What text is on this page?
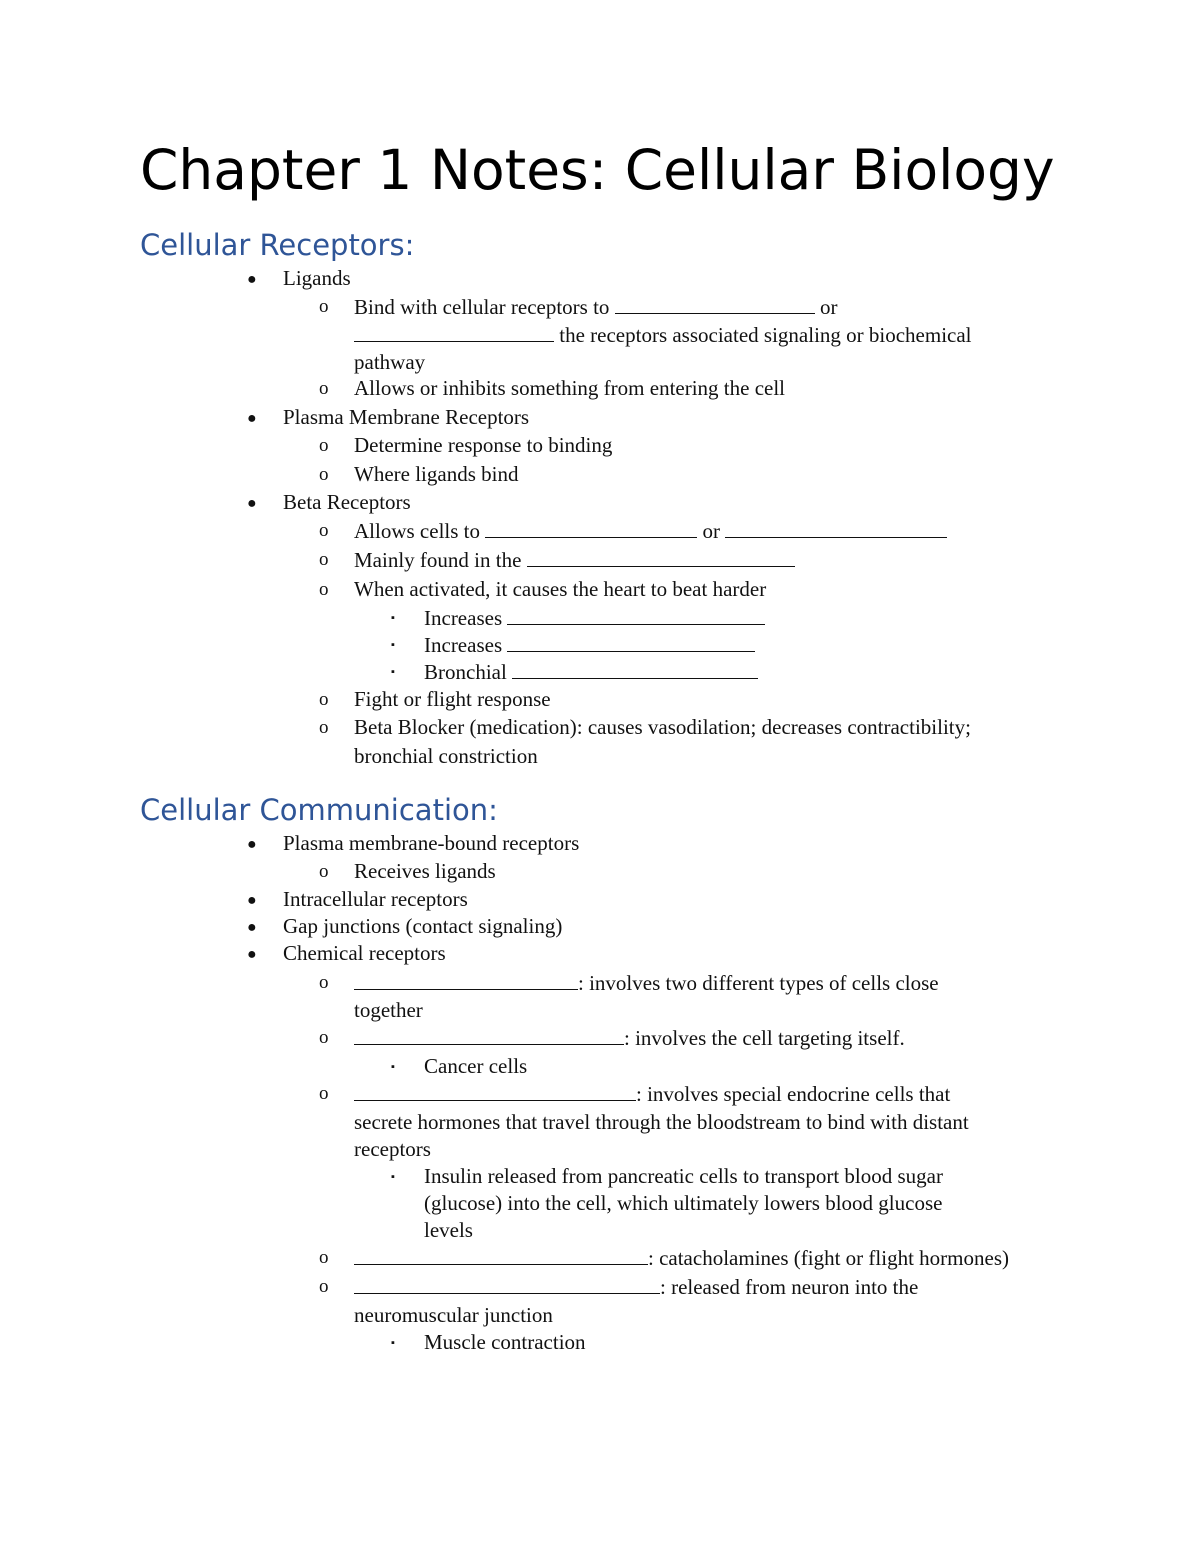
Chapter 1 Notes: Cellular Biology
Cellular Receptors:
● Ligands
o Bind with cellular receptors to	or
the receptors associated signaling or biochemical
pathway
o Allows or inhibits something from entering the cell
● Plasma Membrane Receptors
o Determine response to binding
o Where ligands bind
● Beta Receptors
o Allows cells to	or
o Mainly found in the
o When activated, it causes the heart to beat harder
▪ Increases
▪ Increases
▪ Bronchial
o Fight or flight response
o Beta Blocker (medication): causes vasodilation; decreases contractibility;
bronchial constriction
Cellular Communication:
● Plasma membrane-bound receptors
o Receives ligands
● Intracellular receptors
● Gap junctions (contact signaling)
● Chemical receptors
o	: involves two different types of cells close
together
o	: involves the cell targeting itself.
▪ Cancer cells
o	: involves special endocrine cells that
secrete hormones that travel through the bloodstream to bind with distant
receptors
▪ Insulin released from pancreatic cells to transport blood sugar
(glucose) into the cell, which ultimately lowers blood glucose
levels
o	: catacholamines (fight or flight hormones)
o	: released from neuron into the
neuromuscular junction
▪ Muscle contraction
